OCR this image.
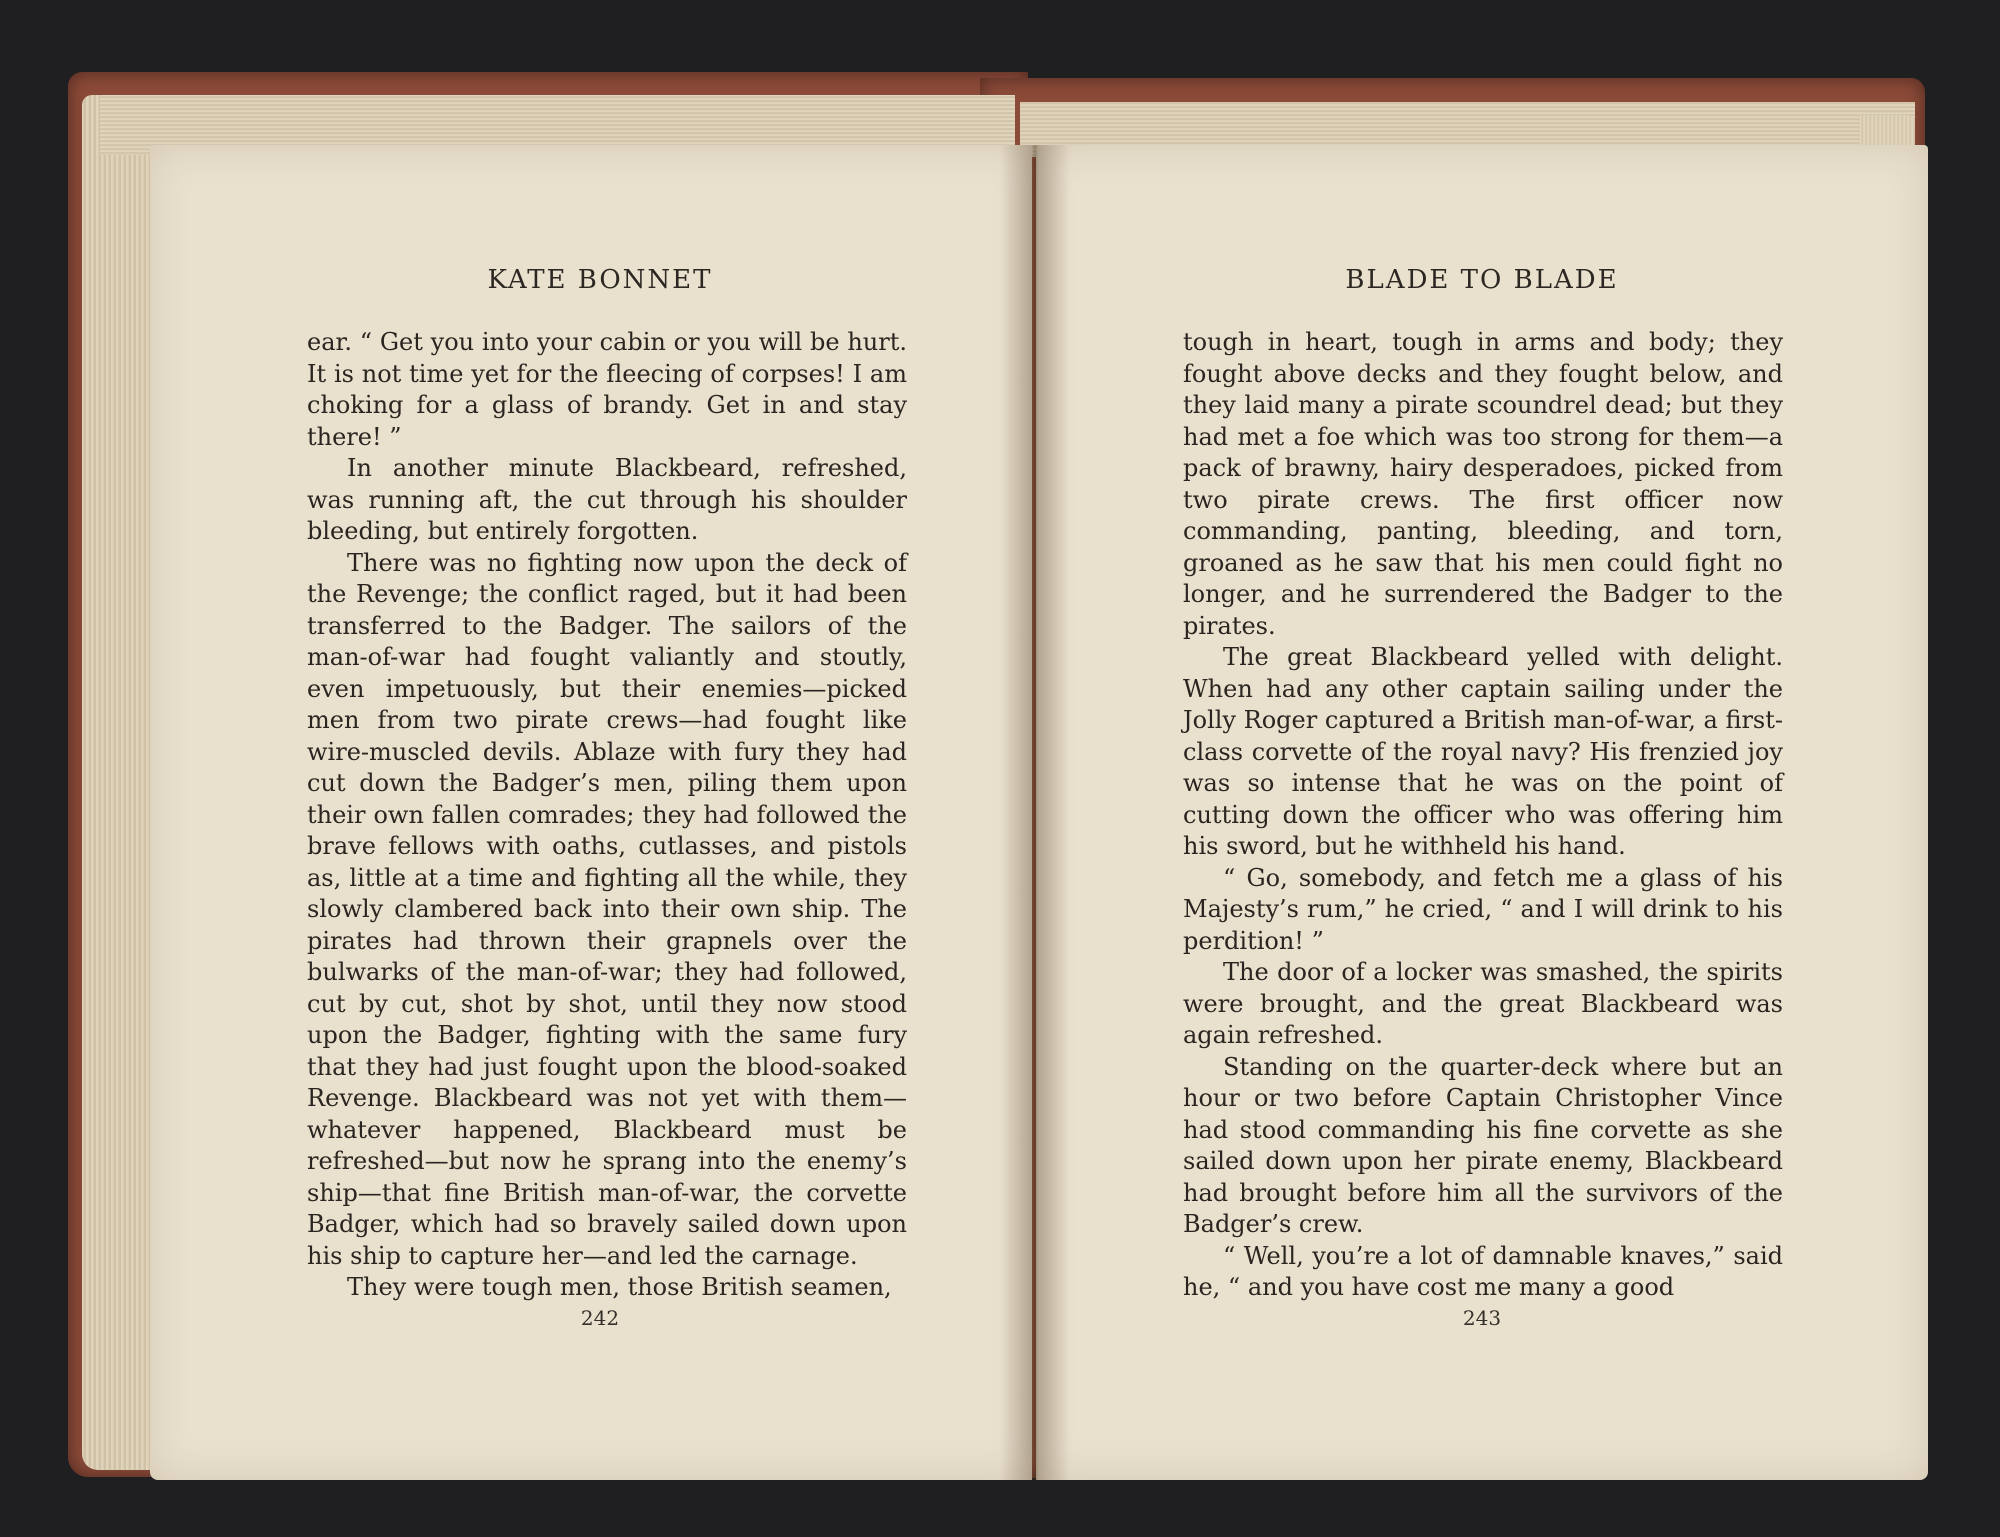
KATE BONNET

ear. “ Get you into your cabin or you will be hurt. It is not time yet for the fleecing of corpses! I am choking for a glass of brandy. Get in and stay there! ”

In another minute Blackbeard, refreshed, was running aft, the cut through his shoulder bleeding, but entirely forgotten.

There was no fighting now upon the deck of the Revenge; the conflict raged, but it had been transferred to the Badger. The sailors of the man-of-war had fought valiantly and stoutly, even impetuously, but their enemies—picked men from two pirate crews—had fought like wire-muscled devils. Ablaze with fury they had cut down the Badger’s men, piling them upon their own fallen comrades; they had followed the brave fellows with oaths, cutlasses, and pistols as, little at a time and fighting all the while, they slowly clambered back into their own ship. The pirates had thrown their grapnels over the bulwarks of the man-of-war; they had followed, cut by cut, shot by shot, until they now stood upon the Badger, fighting with the same fury that they had just fought upon the blood-soaked Revenge. Blackbeard was not yet with them—whatever happened, Blackbeard must be refreshed—but now he sprang into the enemy’s ship—that fine British man-of-war, the corvette Badger, which had so bravely sailed down upon his ship to capture her—and led the carnage.

They were tough men, those British seamen,

242
BLADE TO BLADE

tough in heart, tough in arms and body; they fought above decks and they fought below, and they laid many a pirate scoundrel dead; but they had met a foe which was too strong for them—a pack of brawny, hairy desperadoes, picked from two pirate crews. The first officer now commanding, panting, bleeding, and torn, groaned as he saw that his men could fight no longer, and he surrendered the Badger to the pirates.

The great Blackbeard yelled with delight. When had any other captain sailing under the Jolly Roger captured a British man-of-war, a first-class corvette of the royal navy? His frenzied joy was so intense that he was on the point of cutting down the officer who was offering him his sword, but he withheld his hand.

“ Go, somebody, and fetch me a glass of his Majesty’s rum,” he cried, “ and I will drink to his perdition! ”

The door of a locker was smashed, the spirits were brought, and the great Blackbeard was again refreshed.

Standing on the quarter-deck where but an hour or two before Captain Christopher Vince had stood commanding his fine corvette as she sailed down upon her pirate enemy, Blackbeard had brought before him all the survivors of the Badger’s crew.

“ Well, you’re a lot of damnable knaves,” said he, “ and you have cost me many a good

243
